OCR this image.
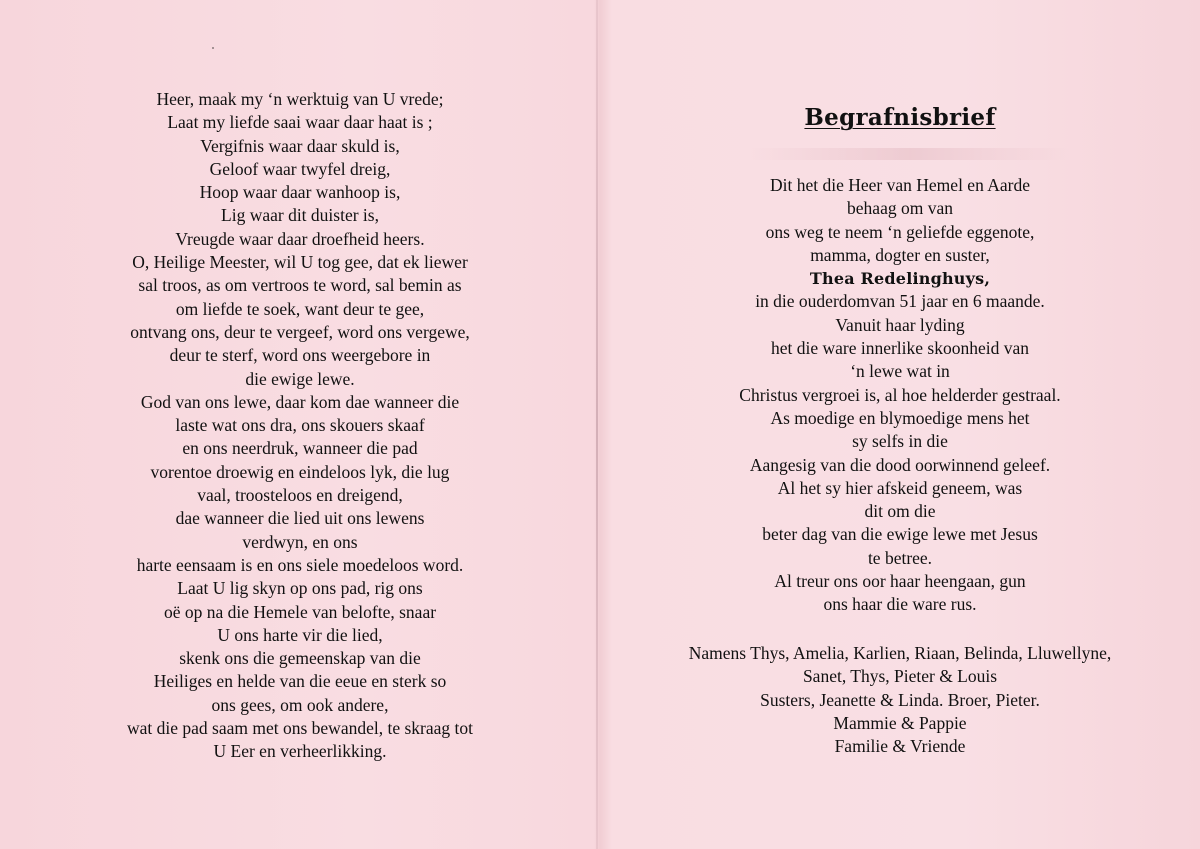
Heer, maak my ‘n werktuig van U vrede;
Laat my liefde saai waar daar haat is ;
Vergifnis waar daar skuld is,
Geloof waar twyfel dreig,
Hoop waar daar wanhoop is,
Lig waar dit duister is,
Vreugde waar daar droefheid heers.
O, Heilige Meester, wil U tog gee, dat ek liewer
sal troos, as om vertroos te word, sal bemin as
om liefde te soek, want deur te gee,
ontvang ons, deur te vergeef, word ons vergewe,
deur te sterf, word ons weergebore in
die ewige lewe.
God van ons lewe, daar kom dae wanneer die
laste wat ons dra, ons skouers skaaf
en ons neerdruk, wanneer die pad
vorentoe droewig en eindeloos lyk, die lug
vaal, troosteloos en dreigend,
dae wanneer die lied uit ons lewens
verdwyn, en ons
harte eensaam is en ons siele moedeloos word.
Laat U lig skyn op ons pad, rig ons
oë op na die Hemele van belofte, snaar
U ons harte vir die lied,
skenk ons die gemeenskap van die
Heiliges en helde van die eeue en sterk so
ons gees, om ook andere,
wat die pad saam met ons bewandel, te skraag tot
U Eer en verheerlikking.
Begrafnisbrief
Dit het die Heer van Hemel en Aarde
behaag om van
ons weg te neem ‘n geliefde eggenote,
mamma, dogter en suster,
Thea Redelinghuys,
in die ouderdomvan 51 jaar en 6 maande.
Vanuit haar lyding
het die ware innerlike skoonheid van
‘n lewe wat in
Christus vergroei is, al hoe helderder gestraal.
As moedige en blymoedige mens het
sy selfs in die
Aangesig van die dood oorwinnend geleef.
Al het sy hier afskeid geneem, was
dit om die
beter dag van die ewige lewe met Jesus
te betree.
Al treur ons oor haar heengaan, gun
ons haar die ware rus.
Namens Thys, Amelia, Karlien, Riaan, Belinda, Lluwellyne,
Sanet, Thys, Pieter & Louis
Susters, Jeanette & Linda. Broer, Pieter.
Mammie & Pappie
Familie & Vriende
